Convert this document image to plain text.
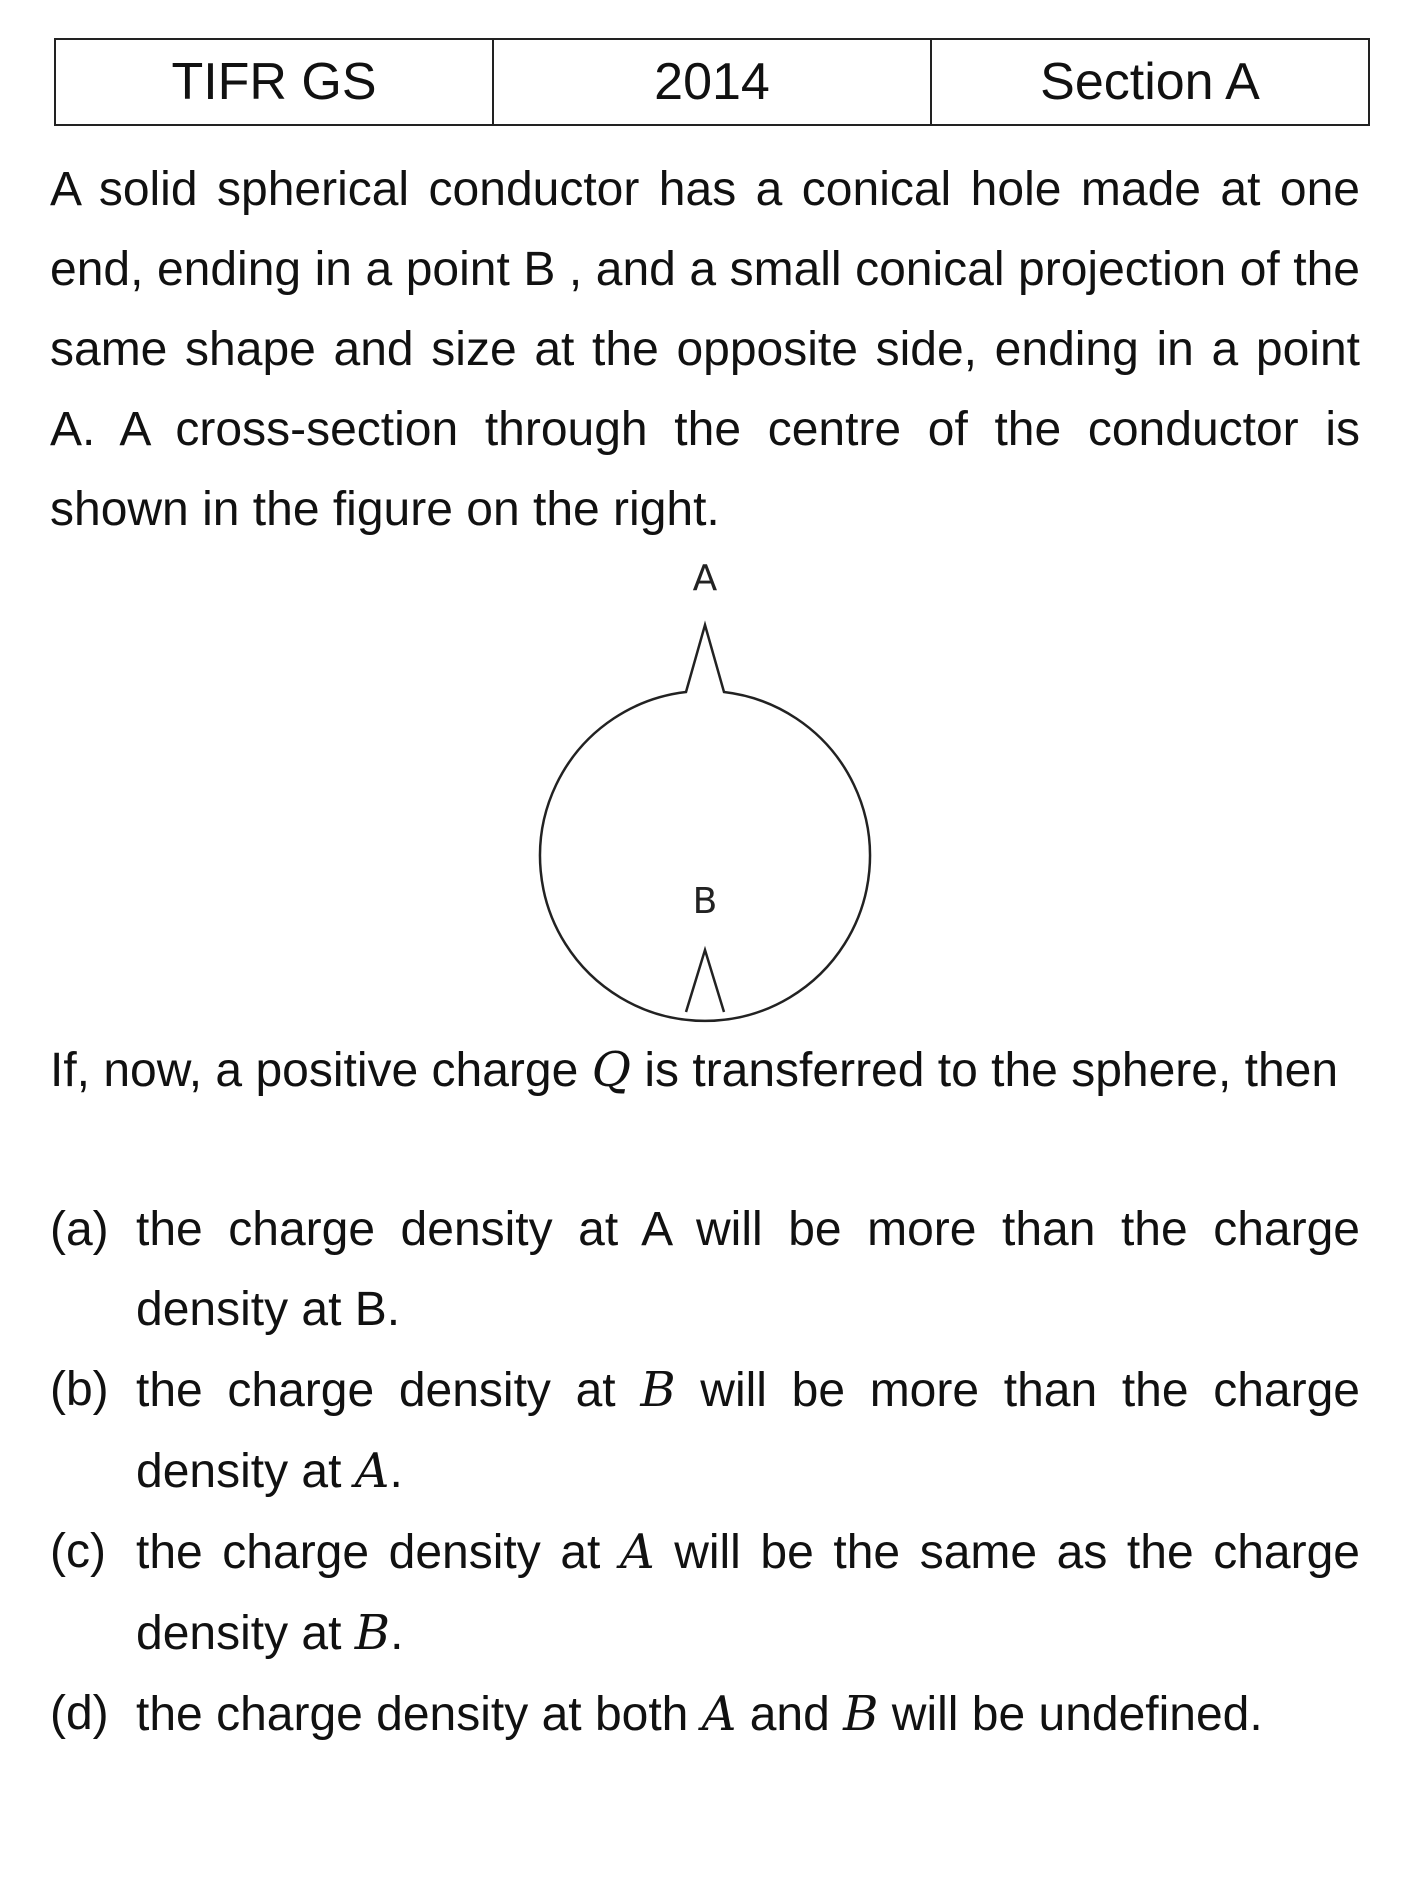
TIFR GS	2014	Section A

A solid spherical conductor has a conical hole made at one end, ending in a point B , and a small conical projection of the same shape and size at the opposite side, ending in a point A. A cross-section through the centre of the conductor is shown in the figure on the right.

A
B

If, now, a positive charge Q is transferred to the sphere, then

(a) the charge density at A will be more than the charge density at B.
(b) the charge density at B will be more than the charge density at A.
(c) the charge density at A will be the same as the charge density at B.
(d) the charge density at both A and B will be undefined.
